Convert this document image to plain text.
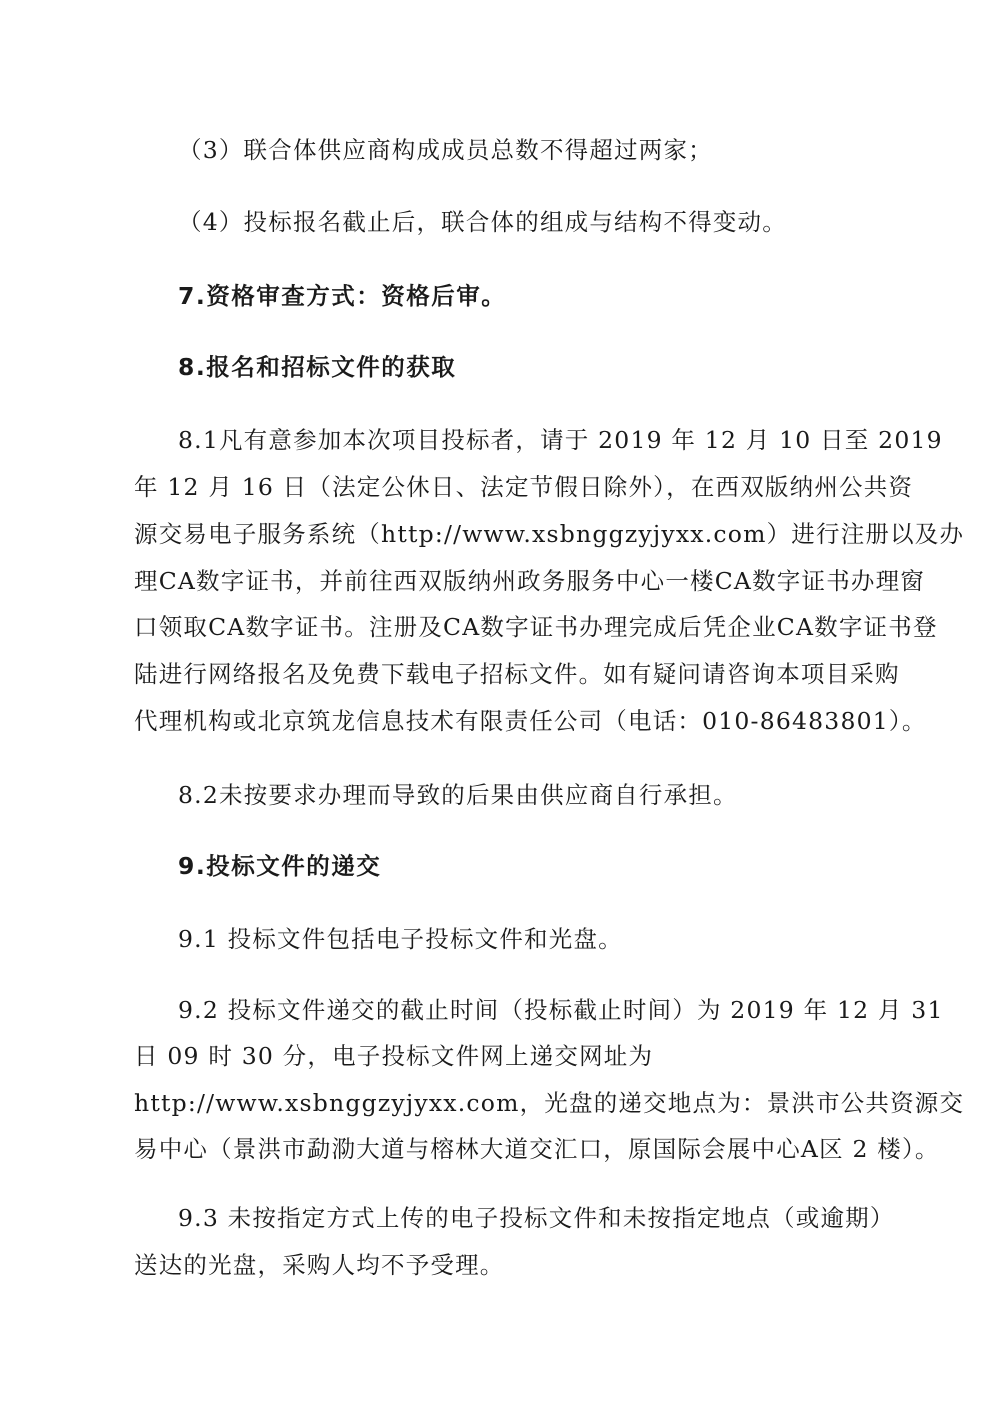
（3）联合体供应商构成成员总数不得超过两家；
（4）投标报名截止后，联合体的组成与结构不得变动。
7.资格审查方式：资格后审。
8.报名和招标文件的获取
8.1凡有意参加本次项目投标者，请于 2019 年 12 月 10 日至 2019
年 12 月 16 日（法定公休日、法定节假日除外），在西双版纳州公共资
源交易电子服务系统（http://www.xsbnggzyjyxx.com）进行注册以及办
理CA数字证书，并前往西双版纳州政务服务中心一楼CA数字证书办理窗
口领取CA数字证书。注册及CA数字证书办理完成后凭企业CA数字证书登
陆进行网络报名及免费下载电子招标文件。如有疑问请咨询本项目采购
代理机构或北京筑龙信息技术有限责任公司（电话：010-86483801）。
8.2未按要求办理而导致的后果由供应商自行承担。
9.投标文件的递交
9.1 投标文件包括电子投标文件和光盘。
9.2 投标文件递交的截止时间（投标截止时间）为 2019 年 12 月 31
日 09 时 30 分，电子投标文件网上递交网址为
http://www.xsbnggzyjyxx.com，光盘的递交地点为：景洪市公共资源交
易中心（景洪市勐泐大道与榕林大道交汇口，原国际会展中心A区 2 楼）。
9.3 未按指定方式上传的电子投标文件和未按指定地点（或逾期）
送达的光盘，采购人均不予受理。
